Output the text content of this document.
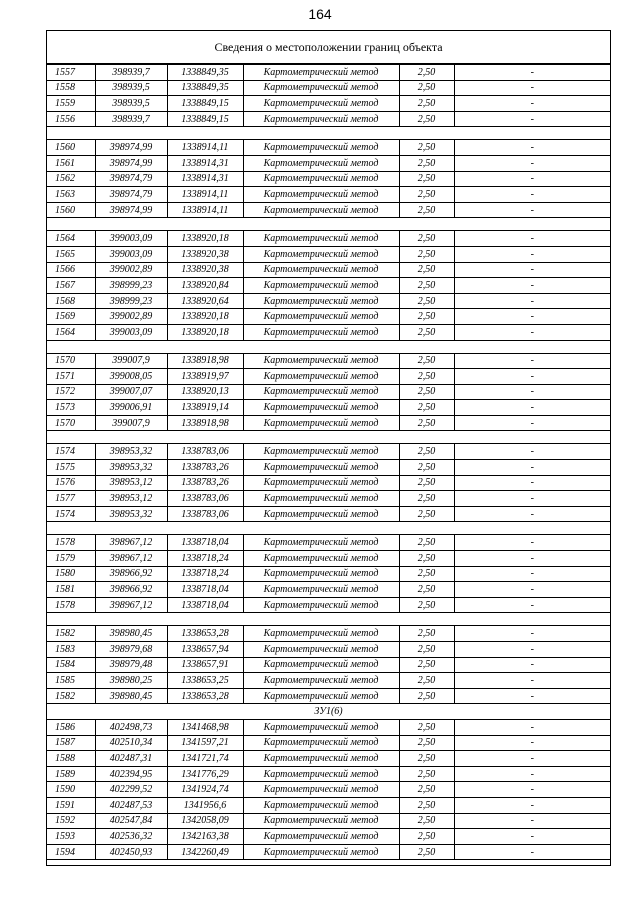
164
Сведения о местоположении границ объекта
1557	398939,7	1338849,35	Картометрический метод	2,50	-
1558	398939,5	1338849,35	Картометрический метод	2,50	-
1559	398939,5	1338849,15	Картометрический метод	2,50	-
1556	398939,7	1338849,15	Картометрический метод	2,50	-

1560	398974,99	1338914,11	Картометрический метод	2,50	-
1561	398974,99	1338914,31	Картометрический метод	2,50	-
1562	398974,79	1338914,31	Картометрический метод	2,50	-
1563	398974,79	1338914,11	Картометрический метод	2,50	-
1560	398974,99	1338914,11	Картометрический метод	2,50	-

1564	399003,09	1338920,18	Картометрический метод	2,50	-
1565	399003,09	1338920,38	Картометрический метод	2,50	-
1566	399002,89	1338920,38	Картометрический метод	2,50	-
1567	398999,23	1338920,84	Картометрический метод	2,50	-
1568	398999,23	1338920,64	Картометрический метод	2,50	-
1569	399002,89	1338920,18	Картометрический метод	2,50	-
1564	399003,09	1338920,18	Картометрический метод	2,50	-

1570	399007,9	1338918,98	Картометрический метод	2,50	-
1571	399008,05	1338919,97	Картометрический метод	2,50	-
1572	399007,07	1338920,13	Картометрический метод	2,50	-
1573	399006,91	1338919,14	Картометрический метод	2,50	-
1570	399007,9	1338918,98	Картометрический метод	2,50	-

1574	398953,32	1338783,06	Картометрический метод	2,50	-
1575	398953,32	1338783,26	Картометрический метод	2,50	-
1576	398953,12	1338783,26	Картометрический метод	2,50	-
1577	398953,12	1338783,06	Картометрический метод	2,50	-
1574	398953,32	1338783,06	Картометрический метод	2,50	-

1578	398967,12	1338718,04	Картометрический метод	2,50	-
1579	398967,12	1338718,24	Картометрический метод	2,50	-
1580	398966,92	1338718,24	Картометрический метод	2,50	-
1581	398966,92	1338718,04	Картометрический метод	2,50	-
1578	398967,12	1338718,04	Картометрический метод	2,50	-

1582	398980,45	1338653,28	Картометрический метод	2,50	-
1583	398979,68	1338657,94	Картометрический метод	2,50	-
1584	398979,48	1338657,91	Картометрический метод	2,50	-
1585	398980,25	1338653,25	Картометрический метод	2,50	-
1582	398980,45	1338653,28	Картометрический метод	2,50	-
ЗУ1(6)					
1586	402498,73	1341468,98	Картометрический метод	2,50	-
1587	402510,34	1341597,21	Картометрический метод	2,50	-
1588	402487,31	1341721,74	Картометрический метод	2,50	-
1589	402394,95	1341776,29	Картометрический метод	2,50	-
1590	402299,52	1341924,74	Картометрический метод	2,50	-
1591	402487,53	1341956,6	Картометрический метод	2,50	-
1592	402547,84	1342058,09	Картометрический метод	2,50	-
1593	402536,32	1342163,38	Картометрический метод	2,50	-
1594	402450,93	1342260,49	Картометрический метод	2,50	-
